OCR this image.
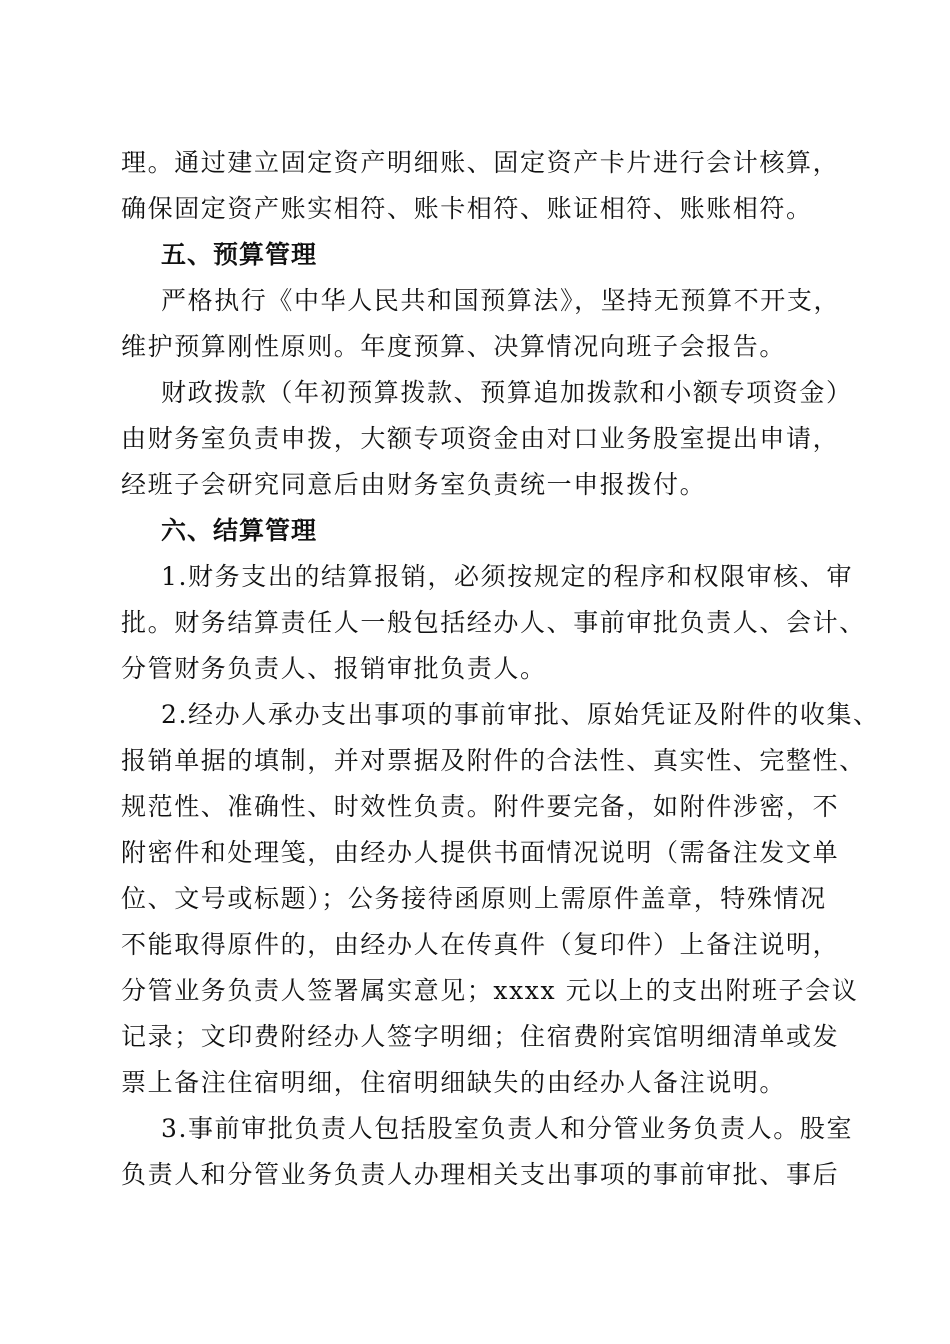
理。通过建立固定资产明细账、固定资产卡片进行会计核算，
确保固定资产账实相符、账卡相符、账证相符、账账相符。
五、预算管理
严格执行《中华人民共和国预算法》，坚持无预算不开支，
维护预算刚性原则。年度预算、决算情况向班子会报告。
财政拨款（年初预算拨款、预算追加拨款和小额专项资金）
由财务室负责申拨，大额专项资金由对口业务股室提出申请，
经班子会研究同意后由财务室负责统一申报拨付。
六、结算管理
1.财务支出的结算报销，必须按规定的程序和权限审核、审
批。财务结算责任人一般包括经办人、事前审批负责人、会计、
分管财务负责人、报销审批负责人。
2.经办人承办支出事项的事前审批、原始凭证及附件的收集、
报销单据的填制，并对票据及附件的合法性、真实性、完整性、
规范性、准确性、时效性负责。附件要完备，如附件涉密，不
附密件和处理笺，由经办人提供书面情况说明（需备注发文单
位、文号或标题）；公务接待函原则上需原件盖章，特殊情况
不能取得原件的，由经办人在传真件（复印件）上备注说明，
分管业务负责人签署属实意见；xxxx 元以上的支出附班子会议
记录；文印费附经办人签字明细；住宿费附宾馆明细清单或发
票上备注住宿明细，住宿明细缺失的由经办人备注说明。
3.事前审批负责人包括股室负责人和分管业务负责人。股室
负责人和分管业务负责人办理相关支出事项的事前审批、事后
